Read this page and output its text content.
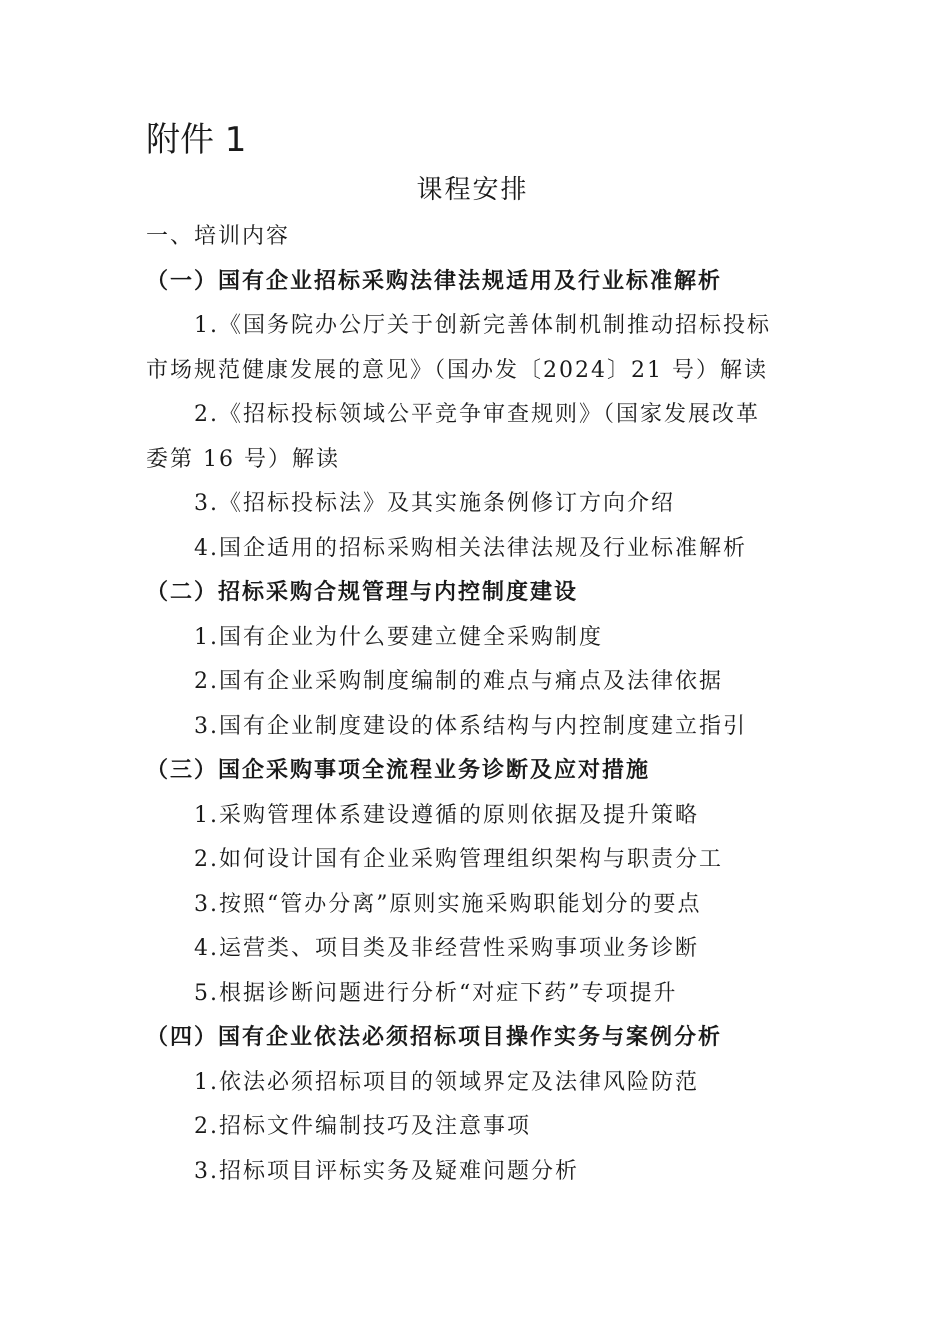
附件 1
课程安排
一、培训内容
（一）国有企业招标采购法律法规适用及行业标准解析
1.《国务院办公厅关于创新完善体制机制推动招标投标
市场规范健康发展的意见》（国办发〔2024〕21 号）解读
2.《招标投标领域公平竞争审查规则》（国家发展改革
委第 16 号）解读
3.《招标投标法》及其实施条例修订方向介绍
4.国企适用的招标采购相关法律法规及行业标准解析
（二）招标采购合规管理与内控制度建设
1.国有企业为什么要建立健全采购制度
2.国有企业采购制度编制的难点与痛点及法律依据
3.国有企业制度建设的体系结构与内控制度建立指引
（三）国企采购事项全流程业务诊断及应对措施
1.采购管理体系建设遵循的原则依据及提升策略
2.如何设计国有企业采购管理组织架构与职责分工
3.按照“管办分离”原则实施采购职能划分的要点
4.运营类、项目类及非经营性采购事项业务诊断
5.根据诊断问题进行分析“对症下药”专项提升
（四）国有企业依法必须招标项目操作实务与案例分析
1.依法必须招标项目的领域界定及法律风险防范
2.招标文件编制技巧及注意事项
3.招标项目评标实务及疑难问题分析
